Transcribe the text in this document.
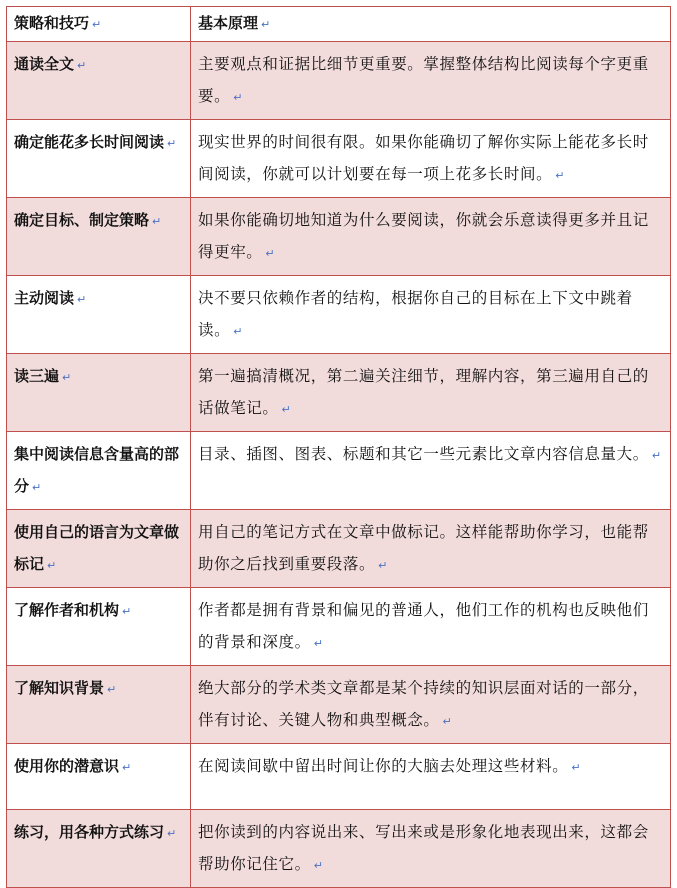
策略和技巧 ↵	基本原理 ↵
通读全文 ↵	主要观点和证据比细节更重要。掌握整体结构比阅读每个字更重要。 ↵
确定能花多长时间阅读 ↵	现实世界的时间很有限。如果你能确切了解你实际上能花多长时间阅读，你就可以计划要在每一项上花多长时间。 ↵
确定目标、制定策略 ↵	如果你能确切地知道为什么要阅读，你就会乐意读得更多并且记得更牢。 ↵
主动阅读 ↵	决不要只依赖作者的结构，根据你自己的目标在上下文中跳着读。 ↵
读三遍 ↵	第一遍搞清概况，第二遍关注细节，理解内容，第三遍用自己的话做笔记。 ↵
集中阅读信息含量高的部分 ↵	目录、插图、图表、标题和其它一些元素比文章内容信息量大。 ↵
使用自己的语言为文章做标记 ↵	用自己的笔记方式在文章中做标记。这样能帮助你学习，也能帮助你之后找到重要段落。 ↵
了解作者和机构 ↵	作者都是拥有背景和偏见的普通人，他们工作的机构也反映他们的背景和深度。 ↵
了解知识背景 ↵	绝大部分的学术类文章都是某个持续的知识层面对话的一部分，伴有讨论、关键人物和典型概念。 ↵
使用你的潜意识 ↵	在阅读间歇中留出时间让你的大脑去处理这些材料。 ↵
练习，用各种方式练习 ↵	把你读到的内容说出来、写出来或是形象化地表现出来，这都会帮助你记住它。 ↵
